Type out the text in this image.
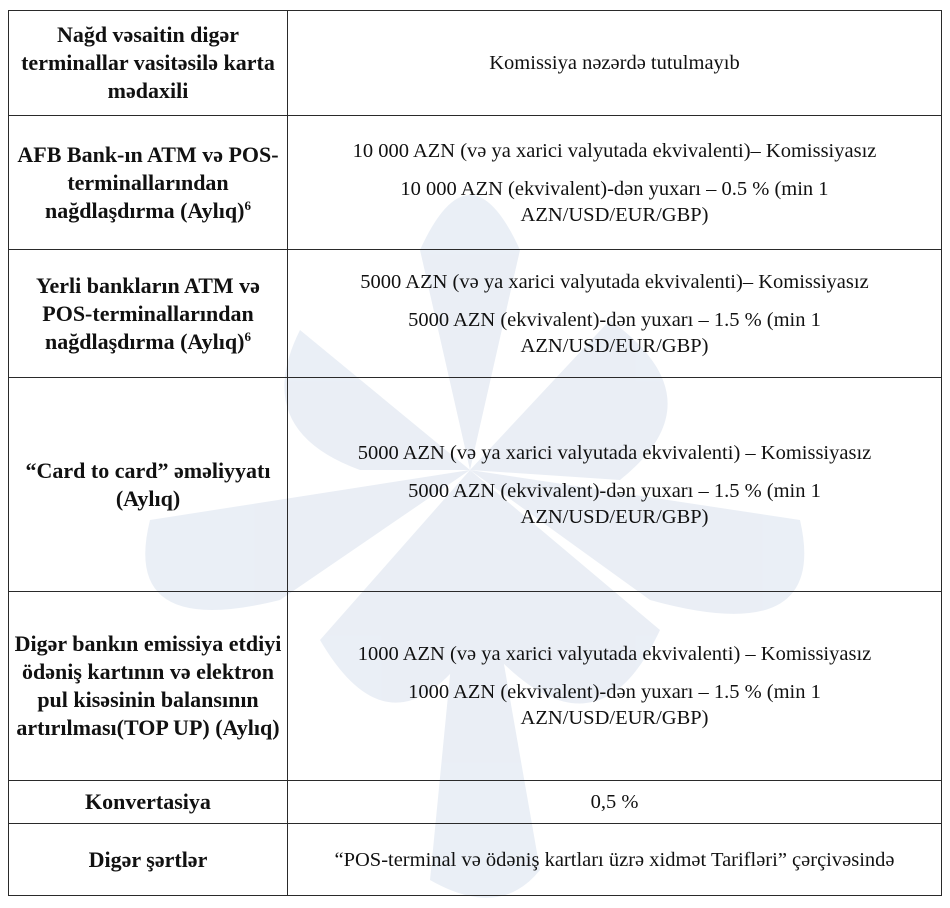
Nağd vəsaitin digər terminallar vasitəsilə karta mədaxili	Komissiya nəzərdə tutulmayıb

AFB Bank-ın ATM və POS-terminallarından nağdlaşdırma (Aylıq)$^6$	10 000 AZN (və ya xarici valyutada ekvivalenti)– Komissiyasız

10 000 AZN (ekvivalent)-dən yuxarı – 0.5 % (min 1 AZN/USD/EUR/GBP)

Yerli bankların ATM və POS-terminallarından nağdlaşdırma (Aylıq)$^6$	5000 AZN (və ya xarici valyutada ekvivalenti)– Komissiyasız

5000 AZN (ekvivalent)-dən yuxarı – 1.5 % (min 1 AZN/USD/EUR/GBP)

“Card to card” əməliyyatı (Aylıq)	5000 AZN (və ya xarici valyutada ekvivalenti) – Komissiyasız

5000 AZN (ekvivalent)-dən yuxarı – 1.5 % (min 1 AZN/USD/EUR/GBP)

Digər bankın emissiya etdiyi ödəniş kartının və elektron pul kisəsinin balansının artırılması(TOP UP) (Aylıq)	1000 AZN (və ya xarici valyutada ekvivalenti) – Komissiyasız

1000 AZN (ekvivalent)-dən yuxarı – 1.5 % (min 1 AZN/USD/EUR/GBP)

Konvertasiya	0,5 %

Digər şərtlər	“POS-terminal və ödəniş kartları üzrə xidmət Tarifləri” çərçivəsində
